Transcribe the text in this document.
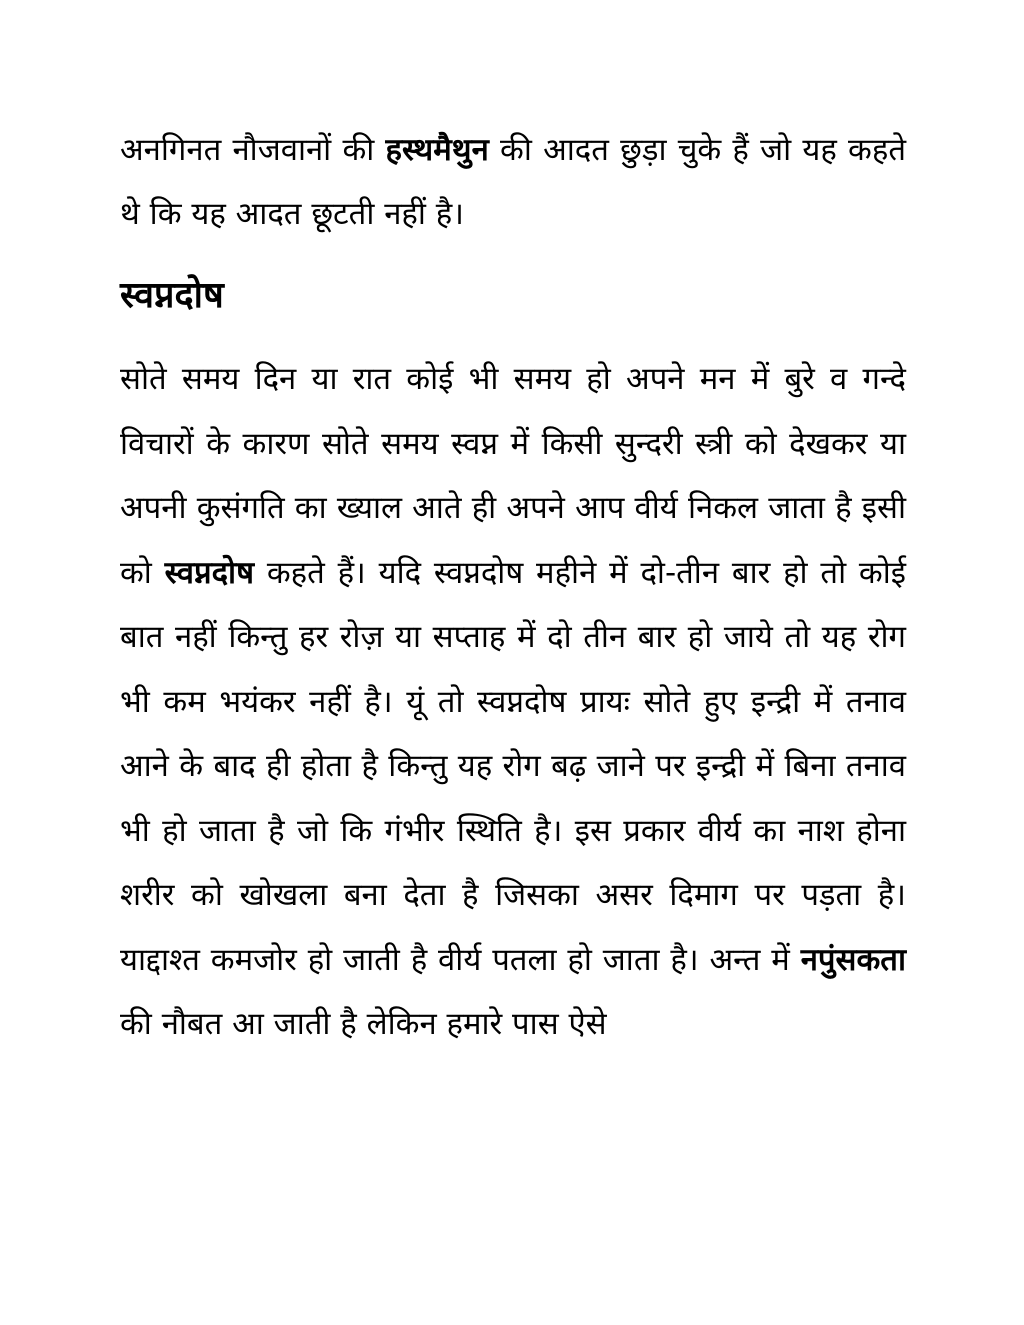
अनगिनत नौजवानों की हस्थमैथुन की आदत छुड़ा चुके हैं जो यह कहते थे कि यह आदत छूटती नहीं है।

स्वप्नदोष

सोते समय दिन या रात कोई भी समय हो अपने मन में बुरे व गन्दे विचारों के कारण सोते समय स्वप्न में किसी सुन्दरी स्त्री को देखकर या अपनी कुसंगति का ख्याल आते ही अपने आप वीर्य निकल जाता है इसी को स्वप्नदोष कहते हैं। यदि स्वप्नदोष महीने में दो-तीन बार हो तो कोई बात नहीं किन्तु हर रोज़ या सप्ताह में दो तीन बार हो जाये तो यह रोग भी कम भयंकर नहीं है। यूं तो स्वप्नदोष प्रायः सोते हुए इन्द्री में तनाव आने के बाद ही होता है किन्तु यह रोग बढ़ जाने पर इन्द्री में बिना तनाव भी हो जाता है जो कि गंभीर स्थिति है। इस प्रकार वीर्य का नाश होना शरीर को खोखला बना देता है जिसका असर दिमाग पर पड़ता है। याद्दाश्त कमजोर हो जाती है वीर्य पतला हो जाता है। अन्त में नपुंसकता की नौबत आ जाती है लेकिन हमारे पास ऐसे
